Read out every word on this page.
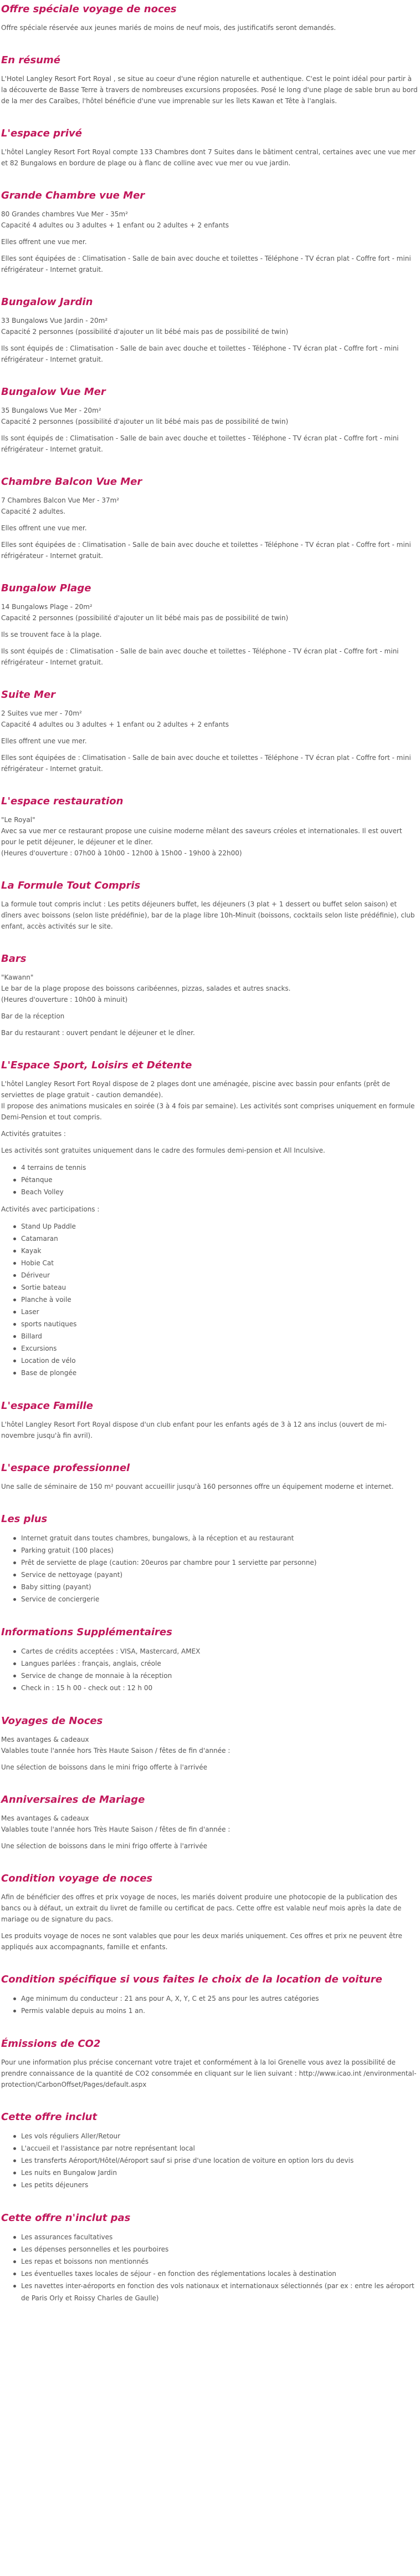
Offre spéciale voyage de noces

Offre spéciale réservée aux jeunes mariés de moins de neuf mois, des justificatifs seront demandés.

En résumé

L'Hotel Langley Resort Fort Royal , se situe au coeur d'une région naturelle et authentique. C'est le point idéal pour partir à la découverte de Basse Terre à travers de nombreuses excursions proposées. Posé le long d'une plage de sable brun au bord de la mer des Caraïbes, l'hôtel bénéficie d'une vue imprenable sur les îlets Kawan et Tête à l'anglais.

L'espace privé

L'hôtel Langley Resort Fort Royal compte 133 Chambres dont 7 Suites dans le bâtiment central, certaines avec une vue mer et 82 Bungalows en bordure de plage ou à flanc de colline avec vue mer ou vue jardin.

Grande Chambre vue Mer

80 Grandes chambres Vue Mer - 35m²
Capacité 4 adultes ou 3 adultes + 1 enfant ou 2 adultes + 2 enfants

Elles offrent une vue mer.

Elles sont équipées de : Climatisation - Salle de bain avec douche et toilettes - Téléphone - TV écran plat - Coffre fort - mini réfrigérateur - Internet gratuit.

Bungalow Jardin

33 Bungalows Vue Jardin - 20m²
Capacité 2 personnes (possibilité d'ajouter un lit bébé mais pas de possibilité de twin)

Ils sont équipés de : Climatisation - Salle de bain avec douche et toilettes - Téléphone - TV écran plat - Coffre fort - mini réfrigérateur - Internet gratuit.

Bungalow Vue Mer

35 Bungalows Vue Mer - 20m²
Capacité 2 personnes (possibilité d'ajouter un lit bébé mais pas de possibilité de twin)

Ils sont équipés de : Climatisation - Salle de bain avec douche et toilettes - Téléphone - TV écran plat - Coffre fort - mini réfrigérateur - Internet gratuit.

Chambre Balcon Vue Mer

7 Chambres Balcon Vue Mer - 37m²
Capacité 2 adultes.

Elles offrent une vue mer.

Elles sont équipées de : Climatisation - Salle de bain avec douche et toilettes - Téléphone - TV écran plat - Coffre fort - mini réfrigérateur - Internet gratuit.

Bungalow Plage

14 Bungalows Plage - 20m²
Capacité 2 personnes (possibilité d'ajouter un lit bébé mais pas de possibilité de twin)

Ils se trouvent face à la plage.

Ils sont équipés de : Climatisation - Salle de bain avec douche et toilettes - Téléphone - TV écran plat - Coffre fort - mini réfrigérateur - Internet gratuit.

Suite Mer

2 Suites vue mer - 70m²
Capacité 4 adultes ou 3 adultes + 1 enfant ou 2 adultes + 2 enfants

Elles offrent une vue mer.

Elles sont équipées de : Climatisation - Salle de bain avec douche et toilettes - Téléphone - TV écran plat - Coffre fort - mini réfrigérateur - Internet gratuit.

L'espace restauration

"Le Royal"
Avec sa vue mer ce restaurant propose une cuisine moderne mêlant des saveurs créoles et internationales. Il est ouvert pour le petit déjeuner, le déjeuner et le dîner.
(Heures d'ouverture : 07h00 à 10h00 - 12h00 à 15h00 - 19h00 à 22h00)

La Formule Tout Compris

La formule tout compris inclut : Les petits déjeuners buffet, les déjeuners (3 plat + 1 dessert ou buffet selon saison) et dîners avec boissons (selon liste prédéfinie), bar de la plage libre 10h-Minuit (boissons, cocktails selon liste prédéfinie), club enfant, accès activités sur le site.

Bars

"Kawann"
Le bar de la plage propose des boissons caribéennes, pizzas, salades et autres snacks.
(Heures d'ouverture : 10h00 à minuit)

Bar de la réception

Bar du restaurant : ouvert pendant le déjeuner et le dîner.

L'Espace Sport, Loisirs et Détente

L'hôtel Langley Resort Fort Royal dispose de 2 plages dont une aménagée, piscine avec bassin pour enfants (prêt de serviettes de plage gratuit - caution demandée).
Il propose des animations musicales en soirée (3 à 4 fois par semaine). Les activités sont comprises uniquement en formule Demi-Pension et tout compris.

Activités gratuites :

Les activités sont gratuites uniquement dans le cadre des formules demi-pension et All Inculsive.

4 terrains de tennis
Pétanque
Beach Volley

Activités avec participations :

Stand Up Paddle
Catamaran
Kayak
Hobie Cat
Dériveur
Sortie bateau
Planche à voile
Laser
sports nautiques
Billard
Excursions
Location de vélo
Base de plongée
L'espace Famille

L'hôtel Langley Resort Fort Royal dispose d'un club enfant pour les enfants agés de 3 à 12 ans inclus (ouvert de mi-novembre jusqu'à fin avril).

L'espace professionnel

Une salle de séminaire de 150 m² pouvant accueillir jusqu'à 160 personnes offre un équipement moderne et internet.

Les plus
Internet gratuit dans toutes chambres, bungalows, à la réception et au restaurant
Parking gratuit (100 places)
Prêt de serviette de plage (caution: 20euros par chambre pour 1 serviette par personne)
Service de nettoyage (payant)
Baby sitting (payant)
Service de conciergerie
Informations Supplémentaires
Cartes de crédits acceptées : VISA, Mastercard, AMEX
Langues parlées : français, anglais, créole
Service de change de monnaie à la réception
Check in : 15 h 00 - check out : 12 h 00
Voyages de Noces

Mes avantages & cadeaux
Valables toute l'année hors Très Haute Saison / fêtes de fin d'année :

Une sélection de boissons dans le mini frigo offerte à l'arrivée

Anniversaires de Mariage

Mes avantages & cadeaux
Valables toute l'année hors Très Haute Saison / fêtes de fin d'année :

Une sélection de boissons dans le mini frigo offerte à l'arrivée

Condition voyage de noces

Afin de bénéficier des offres et prix voyage de noces, les mariés doivent produire une photocopie de la publication des bancs ou à défaut, un extrait du livret de famille ou certificat de pacs. Cette offre est valable neuf mois après la date de mariage ou de signature du pacs.

Les produits voyage de noces ne sont valables que pour les deux mariés uniquement. Ces offres et prix ne peuvent être appliqués aux accompagnants, famille et enfants.

Condition spécifique si vous faites le choix de la location de voiture
Age minimum du conducteur : 21 ans pour A, X, Y, C et 25 ans pour les autres catégories
Permis valable depuis au moins 1 an.
Émissions de CO2

Pour une information plus précise concernant votre trajet et conformément à la loi Grenelle vous avez la possibilité de prendre connaissance de la quantité de CO2 consommée en cliquant sur le lien suivant : http://www.icao.int /environmental-protection/CarbonOffset/Pages/default.aspx

Cette offre inclut
Les vols réguliers Aller/Retour
L'accueil et l'assistance par notre représentant local
Les transferts Aéroport/Hôtel/Aéroport sauf si prise d'une location de voiture en option lors du devis
Les nuits en Bungalow Jardin
Les petits déjeuners
Cette offre n'inclut pas
Les assurances facultatives
Les dépenses personnelles et les pourboires
Les repas et boissons non mentionnés
Les éventuelles taxes locales de séjour - en fonction des réglementations locales à destination
Les navettes inter-aéroports en fonction des vols nationaux et internationaux sélectionnés (par ex : entre les aéroport de Paris Orly et Roissy Charles de Gaulle)
